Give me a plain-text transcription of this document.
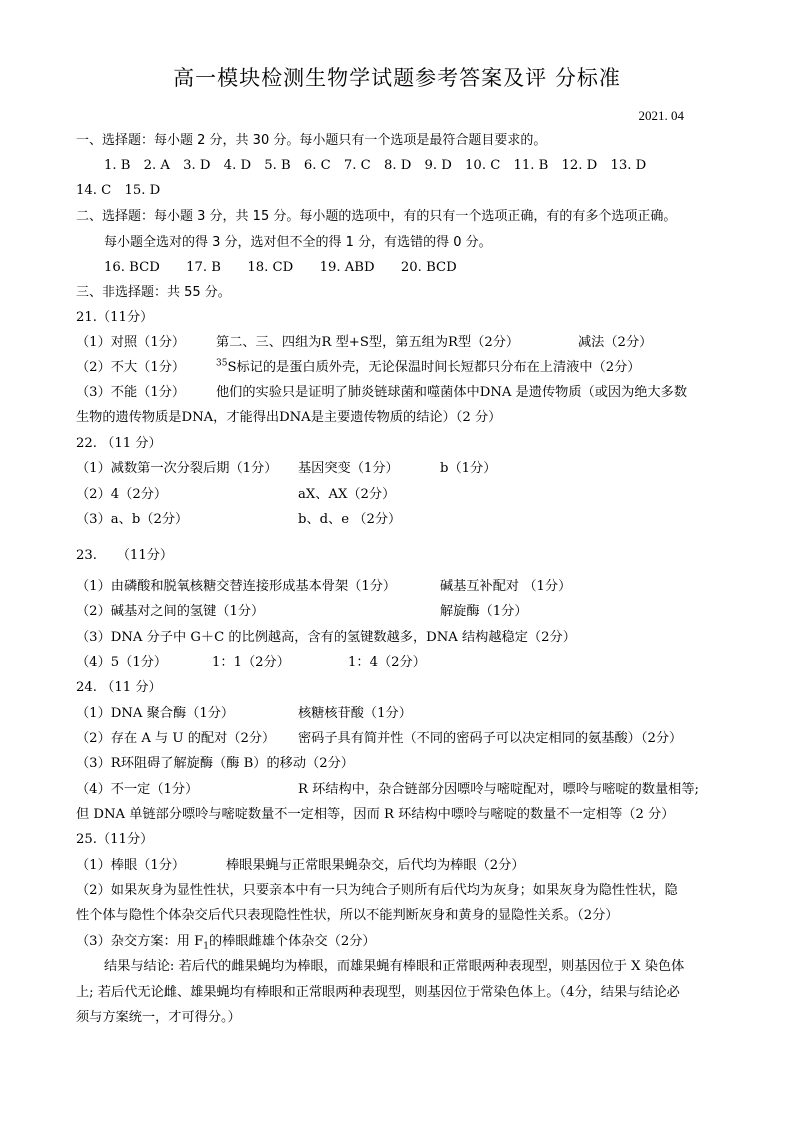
高一模块检测生物学试题参考答案及评 分标准
2021. 04
一、选择题：每小题 2 分，共 30 分。每小题只有一个选项是最符合题目要求的。
1. B　2. A　3. D　4. D　5. B　6. C　7. C　8. D　9. D　10. C　11. B　12. D　13. D
14. C　15. D
二、选择题：每小题 3 分，共 15 分。每小题的选项中，有的只有一个选项正确，有的有多个选项正确。
每小题全选对的得 3 分，选对但不全的得 1 分，有选错的得 0 分。
16. BCD　　17. B　　18. CD　　19. ABD　　20. BCD
三、非选择题：共 55 分。
21.（11分）
（1）对照（1分） 第二、三、四组为R 型+S型，第五组为R型（2分）	减法（2分）
（2）不大（1分）	$^{35}$S标记的是蛋白质外壳，无论保温时间长短都只分布在上清液中（2分）
（3）不能（1分） 他们的实验只是证明了肺炎链球菌和噬菌体中DNA 是遗传物质（或因为绝大多数
生物的遗传物质是DNA，才能得出DNA是主要遗传物质的结论）（2 分）
22. （11 分）
（1）减数第一次分裂后期（1分） 基因突变（1分）	b（1分）
（2）4（2分）	aX、AX（2分）
（3）a、b（2分）	b、d、e （2分）
23.　　（11分）
（1）由磷酸和脱氧核糖交替连接形成基本骨架（1分）	碱基互补配对 （1分）
（2）碱基对之间的氢键（1分）	解旋酶（1分）
（3）DNA 分子中 G＋C 的比例越高，含有的氢键数越多，DNA 结构越稳定（2分）
（4）5（1分）	1：1（2分）	1：4（2分）
24. （11 分）
（1）DNA 聚合酶（1分）	核糖核苷酸（1分）
（2）存在 A 与 U 的配对（2分） 密码子具有简并性（不同的密码子可以决定相同的氨基酸）（2分）
（3）R环阻碍了解旋酶（酶 B）的移动（2分）
（4）不一定（1分）	R 环结构中，杂合链部分因嘌呤与嘧啶配对，嘌呤与嘧啶的数量相等;
但 DNA 单链部分嘌呤与嘧啶数量不一定相等，因而 R 环结构中嘌呤与嘧啶的数量不一定相等（2 分）
25.（11分）
（1）棒眼（1分）	棒眼果蝇与正常眼果蝇杂交，后代均为棒眼（2分）
（2）如果灰身为显性性状，只要亲本中有一只为纯合子则所有后代均为灰身；如果灰身为隐性性状，隐
性个体与隐性个体杂交后代只表现隐性性状，所以不能判断灰身和黄身的显隐性关系。（2分）
（3）杂交方案：用 $F_1$的棒眼雌雄个体杂交（2分）
结果与结论: 若后代的雌果蝇均为棒眼，而雄果蝇有棒眼和正常眼两种表现型，则基因位于 X 染色体
上; 若后代无论雌、雄果蝇均有棒眼和正常眼两种表现型，则基因位于常染色体上。（4分，结果与结论必
须与方案统一，才可得分。）
